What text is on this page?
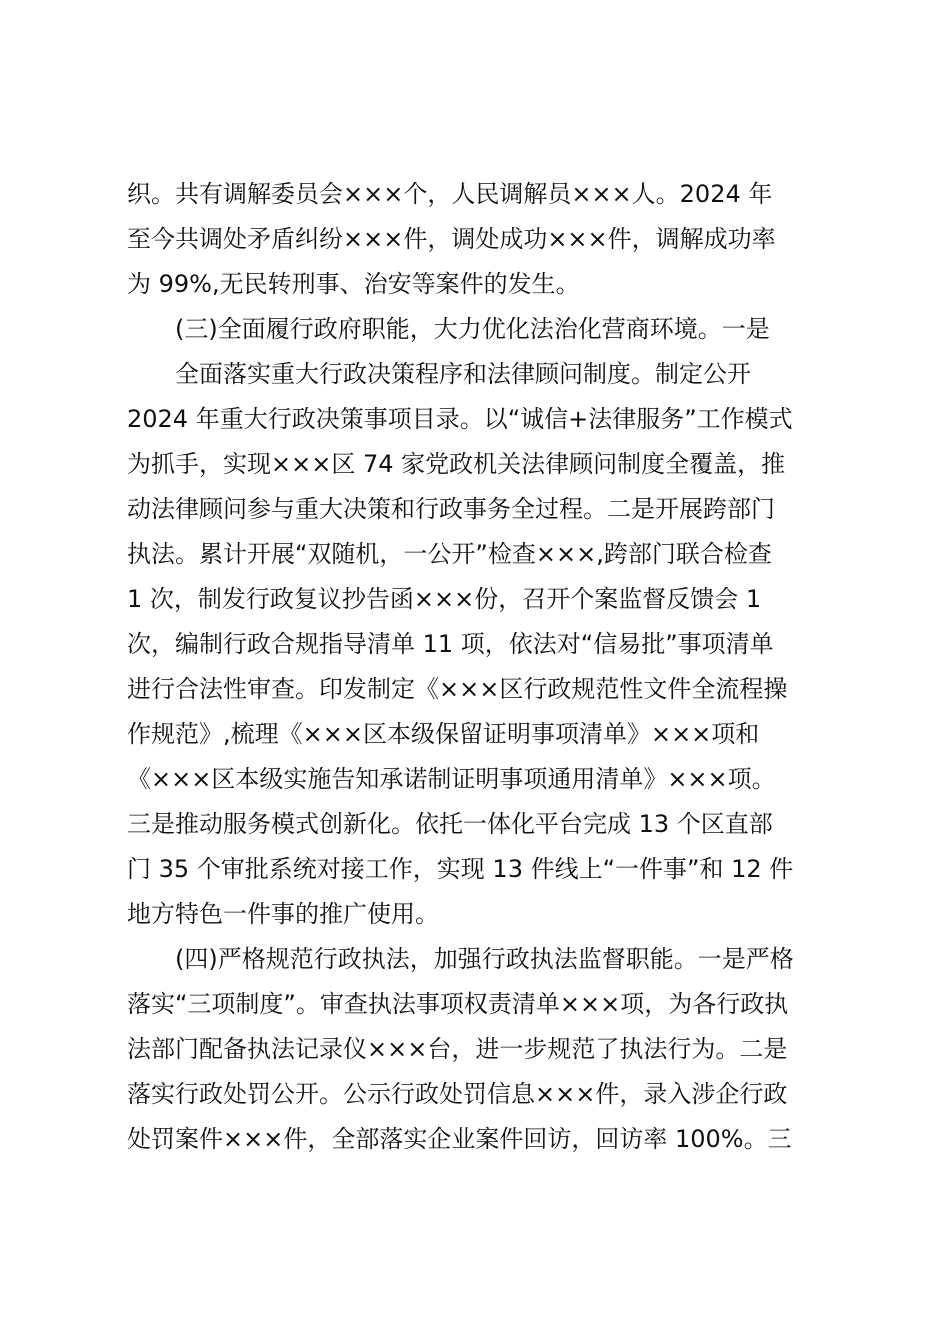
织。共有调解委员会×××个，人民调解员×××人。2024 年
至今共调处矛盾纠纷×××件，调处成功×××件，调解成功率
为 99%,无民转刑事、治安等案件的发生。
(三)全面履行政府职能，大力优化法治化营商环境。一是
全面落实重大行政决策程序和法律顾问制度。制定公开
2024 年重大行政决策事项目录。以“诚信+法律服务”工作模式
为抓手，实现×××区 74 家党政机关法律顾问制度全覆盖，推
动法律顾问参与重大决策和行政事务全过程。二是开展跨部门
执法。累计开展“双随机，一公开”检查×××,跨部门联合检查
1 次，制发行政复议抄告函×××份，召开个案监督反馈会 1
次，编制行政合规指导清单 11 项，依法对“信易批”事项清单
进行合法性审查。印发制定《×××区行政规范性文件全流程操
作规范》,梳理《×××区本级保留证明事项清单》×××项和
《×××区本级实施告知承诺制证明事项通用清单》×××项。
三是推动服务模式创新化。依托一体化平台完成 13 个区直部
门 35 个审批系统对接工作，实现 13 件线上“一件事”和 12 件
地方特色一件事的推广使用。
(四)严格规范行政执法，加强行政执法监督职能。一是严格
落实“三项制度”。审查执法事项权责清单×××项，为各行政执
法部门配备执法记录仪×××台，进一步规范了执法行为。二是
落实行政处罚公开。公示行政处罚信息×××件，录入涉企行政
处罚案件×××件，全部落实企业案件回访，回访率 100%。三
